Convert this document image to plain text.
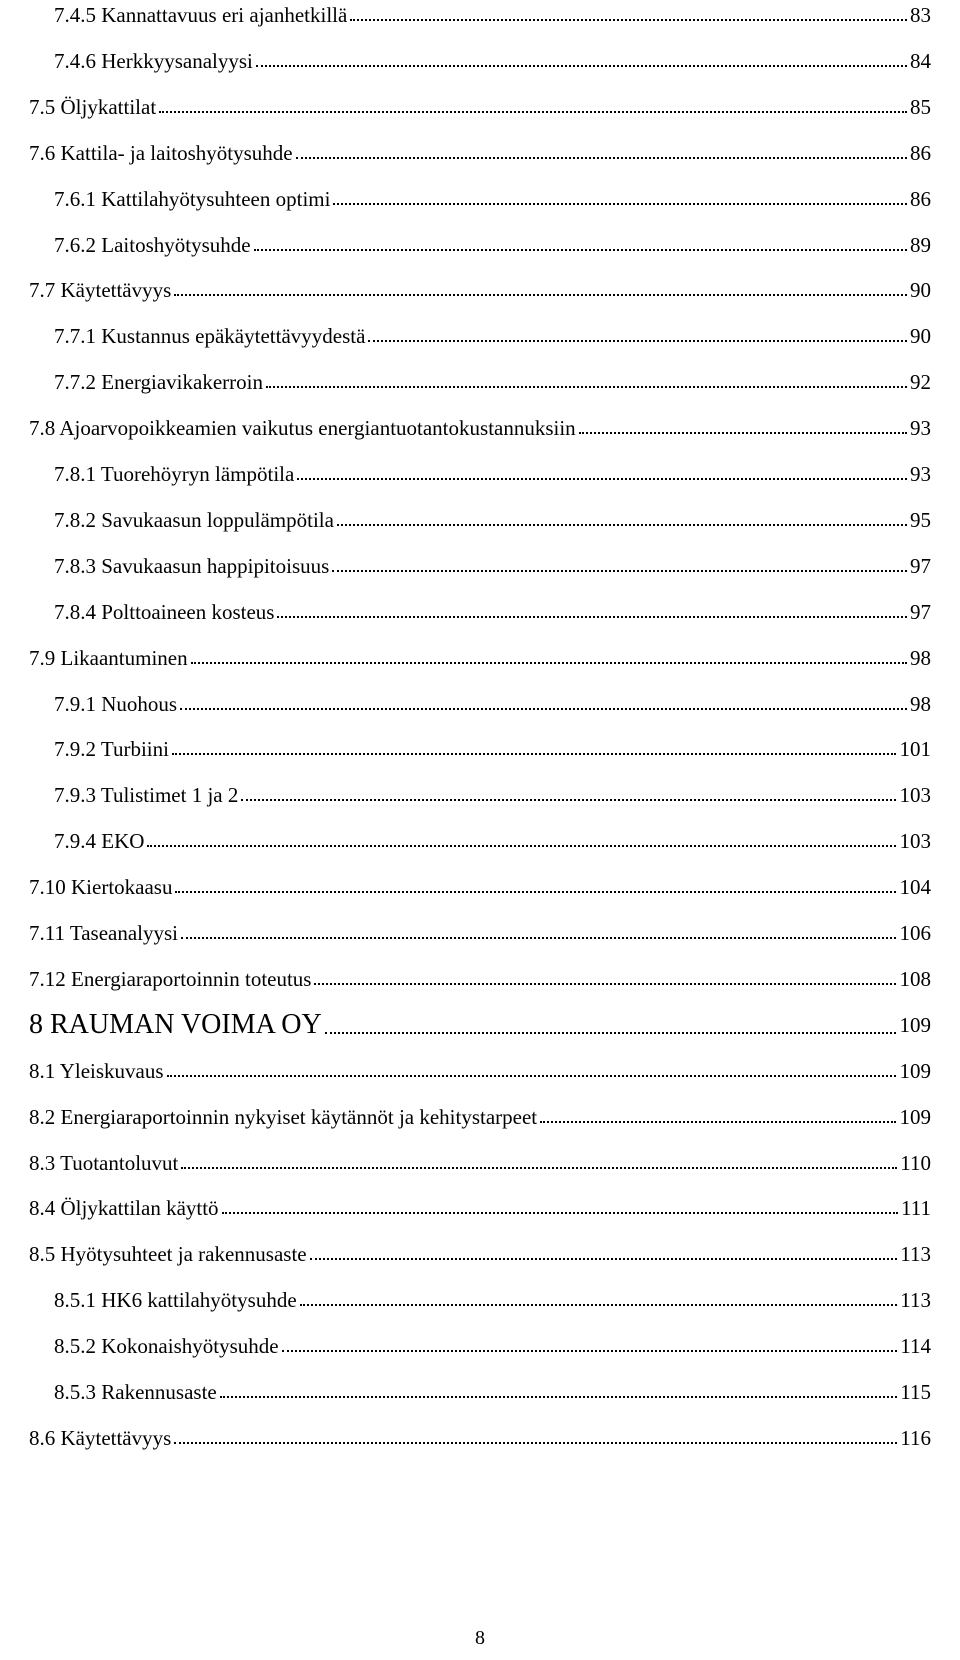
7.4.5 Kannattavuus eri ajanhetkillä	83
7.4.6 Herkkyysanalyysi	84
7.5 Öljykattilat	85
7.6 Kattila- ja laitoshyötysuhde	86
7.6.1 Kattilahyötysuhteen optimi	86
7.6.2 Laitoshyötysuhde	89
7.7 Käytettävyys	90
7.7.1 Kustannus epäkäytettävyydestä	90
7.7.2 Energiavikakerroin	92
7.8 Ajoarvopoikkeamien vaikutus energiantuotantokustannuksiin	93
7.8.1 Tuorehöyryn lämpötila	93
7.8.2 Savukaasun loppulämpötila	95
7.8.3 Savukaasun happipitoisuus	97
7.8.4 Polttoaineen kosteus	97
7.9 Likaantuminen	98
7.9.1 Nuohous	98
7.9.2 Turbiini	101
7.9.3 Tulistimet 1 ja 2	103
7.9.4 EKO	103
7.10 Kiertokaasu	104
7.11 Taseanalyysi	106
7.12 Energiaraportoinnin toteutus	108
8 RAUMAN VOIMA OY	109
8.1 Yleiskuvaus	109
8.2 Energiaraportoinnin nykyiset käytännöt ja kehitystarpeet	109
8.3 Tuotantoluvut	110
8.4 Öljykattilan käyttö	111
8.5 Hyötysuhteet ja rakennusaste	113
8.5.1 HK6 kattilahyötysuhde	113
8.5.2 Kokonaishyötysuhde	114
8.5.3 Rakennusaste	115
8.6 Käytettävyys	116
8
